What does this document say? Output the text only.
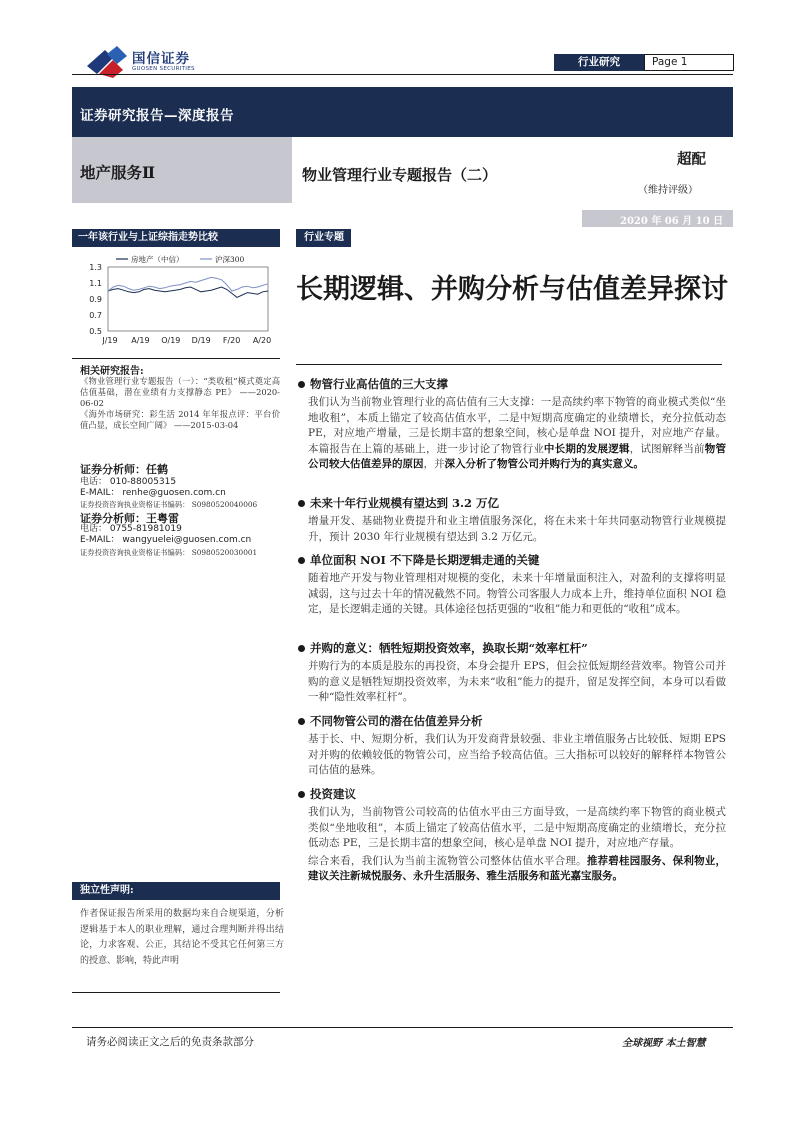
国信证券
GUOSEN SECURITIES
行业研究	Page 1
证券研究报告—深度报告
地产服务Ⅱ	物业管理行业专题报告（二）
超配
（维持评级）
2020 年 06 月 10 日
一年该行业与上证综指走势比较
1.3
1.1
0.9
0.7
0.5
J/19 A/19 O/19 D/19 F/20 A/20
房地产（中信）	沪深300
相关研究报告:
《物业管理行业专题报告（一）：“类收租”模式奠定高估值基础，潜在业绩有力支撑静态 PE》 ——2020-06-02
《海外市场研究：彩生活 2014 年年报点评：平台价值凸显，成长空间广阔》 ——2015-03-04
证券分析师：任鹤
电话： 010-88005315
E-MAIL： renhe@guosen.com.cn
证券投资咨询执业资格证书编码： S0980520040006
证券分析师：王粤雷
电话： 0755-81981019
E-MAIL： wangyuelei@guosen.com.cn
证券投资咨询执业资格证书编码： S0980520030001
独立性声明:
作者保证报告所采用的数据均来自合规渠道，分析逻辑基于本人的职业理解，通过合理判断并得出结论，力求客观、公正，其结论不受其它任何第三方的授意、影响，特此声明
行业专题
长期逻辑、并购分析与估值差异探讨
物管行业高估值的三大支撑
我们认为当前物业管理行业的高估值有三大支撑：一是高续约率下物管的商业模式类似“坐地收租”，本质上锚定了较高估值水平，二是中短期高度确定的业绩增长，充分拉低动态 PE，对应地产增量，三是长期丰富的想象空间，核心是单盘 NOI 提升，对应地产存量。本篇报告在上篇的基础上，进一步讨论了物管行业中长期的发展逻辑，试图解释当前物管公司较大估值差异的原因，并深入分析了物管公司并购行为的真实意义。
未来十年行业规模有望达到 3.2 万亿
增量开发、基础物业费提升和业主增值服务深化，将在未来十年共同驱动物管行业规模提升，预计 2030 年行业规模有望达到 3.2 万亿元。
单位面积 NOI 不下降是长期逻辑走通的关键
随着地产开发与物业管理相对规模的变化，未来十年增量面积注入，对盈利的支撑将明显减弱，这与过去十年的情况截然不同。物管公司客服人力成本上升，维持单位面积 NOI 稳定，是长逻辑走通的关键。具体途径包括更强的“收租”能力和更低的“收租”成本。
并购的意义：牺牲短期投资效率，换取长期“效率杠杆”
并购行为的本质是股东的再投资，本身会提升 EPS，但会拉低短期经营效率。物管公司并购的意义是牺牲短期投资效率，为未来“收租”能力的提升，留足发挥空间，本身可以看做一种“隐性效率杠杆”。
不同物管公司的潜在估值差异分析
基于长、中、短期分析，我们认为开发商背景较强、非业主增值服务占比较低、短期 EPS 对并购的依赖较低的物管公司，应当给予较高估值。三大指标可以较好的解释样本物管公司估值的悬殊。
投资建议
我们认为，当前物管公司较高的估值水平由三方面导致，一是高续约率下物管的商业模式类似“坐地收租”，本质上锚定了较高估值水平，二是中短期高度确定的业绩增长，充分拉低动态 PE，三是长期丰富的想象空间，核心是单盘 NOI 提升，对应地产存量。
综合来看，我们认为当前主流物管公司整体估值水平合理。推荐碧桂园服务、保利物业，建议关注新城悦服务、永升生活服务、雅生活服务和蓝光嘉宝服务。
请务必阅读正文之后的免责条款部分	全球视野 本土智慧
